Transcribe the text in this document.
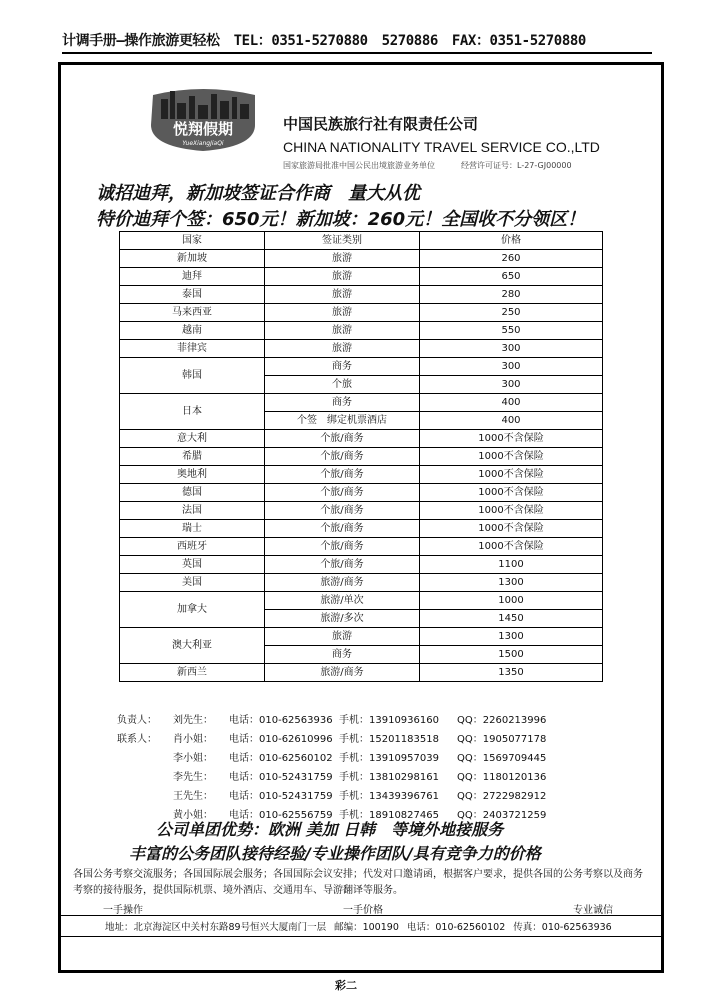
计调手册—操作旅游更轻松 TEL：0351-5270880 5270886 FAX：0351-5270880
悦翔假期
YueXiangJiaQi
中国民族旅行社有限责任公司
CHINA NATIONALITY TRAVEL SERVICE CO.,LTD
国家旅游局批准中国公民出境旅游业务单位	经营许可证号：L-27-GJ00000
诚招迪拜，新加坡签证合作商　量大从优
特价迪拜个签：650元！新加坡：260元！全国收不分领区！
国家	签证类别	价格
新加坡	旅游	260
迪拜	旅游	650
泰国	旅游	280
马来西亚	旅游	250
越南	旅游	550
菲律宾	旅游	300
韩国	商务	300
	个旅	300
日本	商务	400
	个签　绑定机票酒店	400
意大利	个旅/商务	1000不含保险
希腊	个旅/商务	1000不含保险
奥地利	个旅/商务	1000不含保险
德国	个旅/商务	1000不含保险
法国	个旅/商务	1000不含保险
瑞士	个旅/商务	1000不含保险
西班牙	个旅/商务	1000不含保险
英国	个旅/商务	1100
美国	旅游/商务	1300
加拿大	旅游/单次	1000
	旅游/多次	1450
澳大利亚	旅游	1300
	商务	1500
新西兰	旅游/商务	1350
负责人： 刘先生： 电话：010-62563936 手机：13910936160 QQ：2260213996
联系人： 肖小姐： 电话：010-62610996 手机：15201183518 QQ：1905077178
李小姐： 电话：010-62560102 手机：13910957039 QQ：1569709445
李先生： 电话：010-52431759 手机：13810298161 QQ：1180120136
王先生： 电话：010-52431759 手机：13439396761 QQ：2722982912
黄小姐： 电话：010-62556759 手机：18910827465 QQ：2403721259
公司单团优势：欧洲 美加 日韩　等境外地接服务
丰富的公务团队接待经验/专业操作团队/具有竞争力的价格
各国公务考察交流服务；各国国际展会服务；各国国际会议安排；代发对口邀请函，根据客户要求，提供各国的公务考察以及商务考察的接待服务，提供国际机票、境外酒店、交通用车、导游翻译等服务。
一手操作	一手价格	专业诚信
地址：北京海淀区中关村东路89号恒兴大厦南门一层 邮编：100190 电话：010-62560102 传真：010-62563936
彩二
